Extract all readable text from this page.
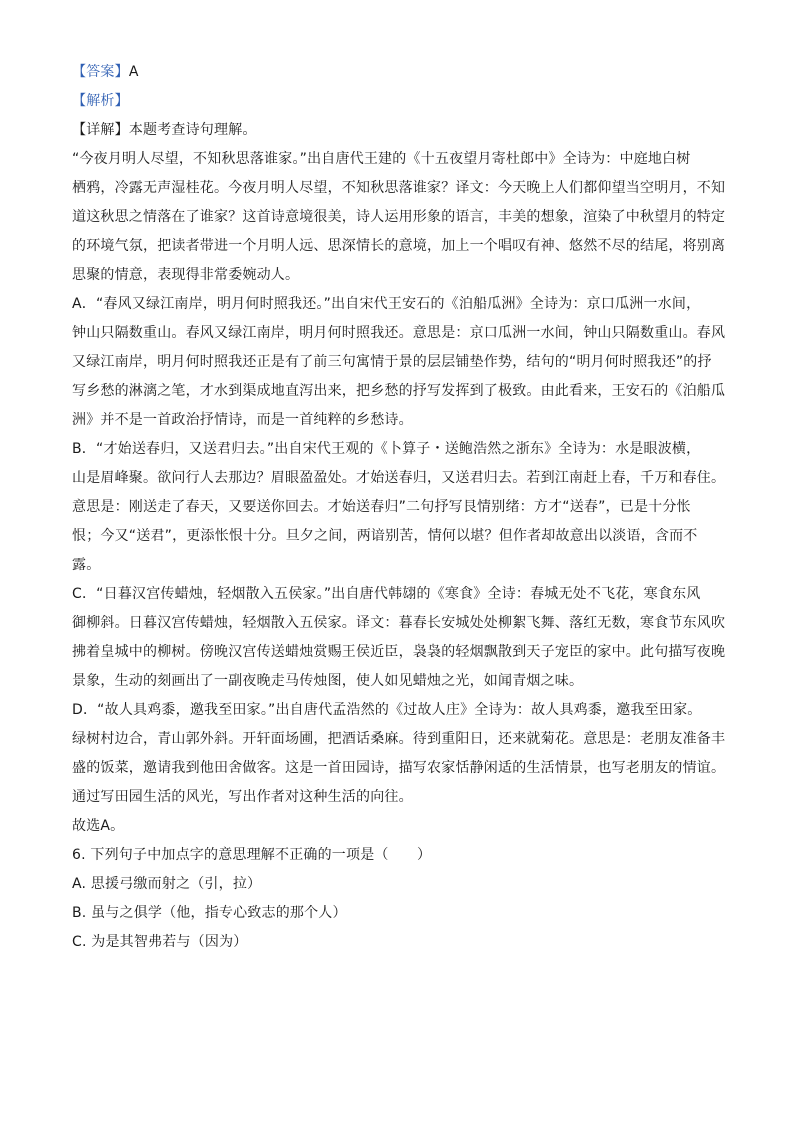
【答案】A
【解析】
【详解】本题考查诗句理解。
“今夜月明人尽望，不知秋思落谁家。”出自唐代王建的《十五夜望月寄杜郎中》全诗为：中庭地白树
栖鸦，冷露无声湿桂花。今夜月明人尽望，不知秋思落谁家？译文：今天晚上人们都仰望当空明月，不知
道这秋思之情落在了谁家？这首诗意境很美，诗人运用形象的语言，丰美的想象，渲染了中秋望月的特定
的环境气氛，把读者带进一个月明人远、思深情长的意境，加上一个唱叹有神、悠然不尽的结尾，将别离
思聚的情意，表现得非常委婉动人。
A．“春风又绿江南岸，明月何时照我还。”出自宋代王安石的《泊船瓜洲》全诗为：京口瓜洲一水间，
钟山只隔数重山。春风又绿江南岸，明月何时照我还。意思是：京口瓜洲一水间，钟山只隔数重山。春风
又绿江南岸，明月何时照我还正是有了前三句寓情于景的层层铺垫作势，结句的“明月何时照我还”的抒
写乡愁的淋漓之笔，才水到渠成地直泻出来，把乡愁的抒写发挥到了极致。由此看来，王安石的《泊船瓜
洲》并不是一首政治抒情诗，而是一首纯粹的乡愁诗。
B．“才始送春归，又送君归去。”出自宋代王观的《卜算子・送鲍浩然之浙东》全诗为：水是眼波横，
山是眉峰聚。欲问行人去那边？眉眼盈盈处。才始送春归，又送君归去。若到江南赶上春，千万和春住。
意思是：刚送走了春天，又要送你回去。才始送春归”二句抒写艮情别绪：方才“送春”，已是十分怅
恨；今又“送君”，更添怅恨十分。旦夕之间，两谙别苦，情何以堪？但作者却故意出以淡语，含而不
露。
C．“日暮汉宫传蜡烛，轻烟散入五侯家。”出自唐代韩翃的《寒食》全诗：春城无处不飞花，寒食东风
御柳斜。日暮汉宫传蜡烛，轻烟散入五侯家。译文：暮春长安城处处柳絮飞舞、落红无数，寒食节东风吹
拂着皇城中的柳树。傍晚汉宫传送蜡烛赏赐王侯近臣，袅袅的轻烟飘散到天子宠臣的家中。此句描写夜晚
景象，生动的刻画出了一副夜晚走马传烛图，使人如见蜡烛之光，如闻青烟之味。
D．“故人具鸡黍，邀我至田家。”出自唐代孟浩然的《过故人庄》全诗为：故人具鸡黍，邀我至田家。
绿树村边合，青山郭外斜。开轩面场圃，把酒话桑麻。待到重阳日，还来就菊花。意思是：老朋友准备丰
盛的饭菜，邀请我到他田舍做客。这是一首田园诗，描写农家恬静闲适的生活情景，也写老朋友的情谊。
通过写田园生活的风光，写出作者对这种生活的向往。
故选A。
6. 下列句子中加点字的意思理解不正确的一项是（　　）
A. 思援弓缴而射之（引，拉）
B. 虽与之俱学（他，指专心致志的那个人）
C. 为是其智弗若与（因为）
